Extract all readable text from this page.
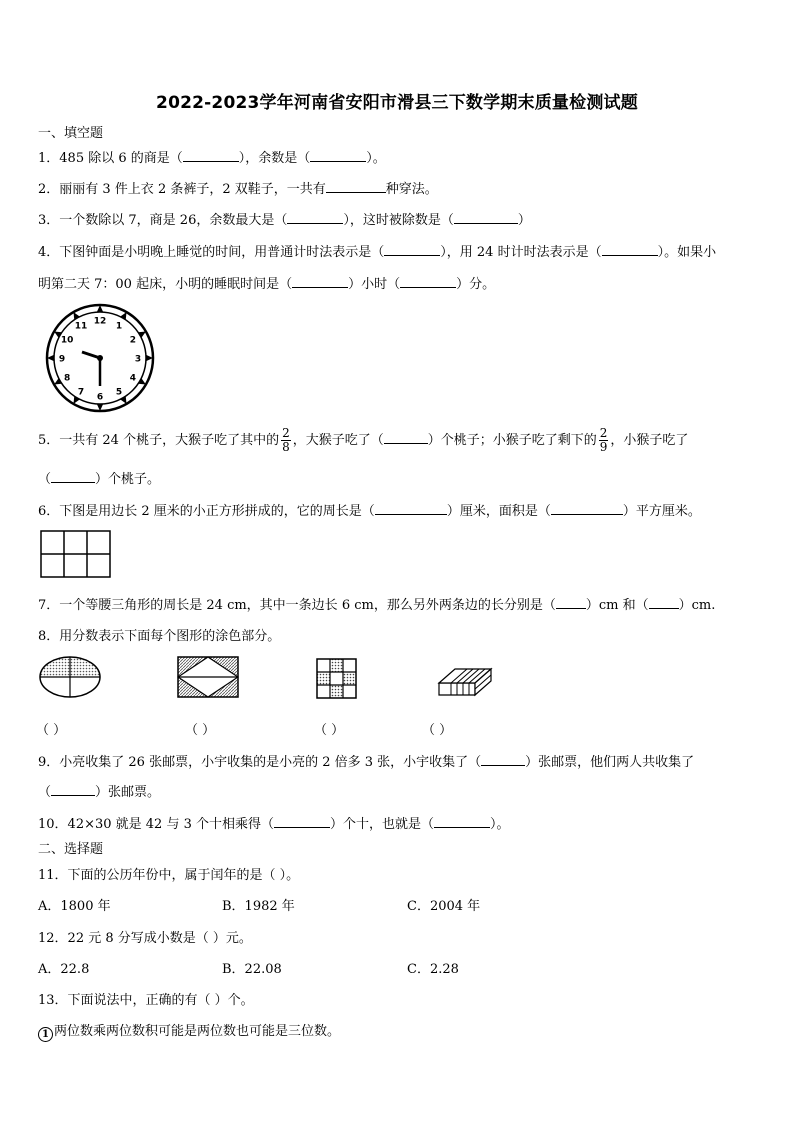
2022-2023学年河南省安阳市滑县三下数学期末质量检测试题
一、填空题
1．485 除以 6 的商是（	），余数是（	）。
2．丽丽有 3 件上衣 2 条裤子，2 双鞋子，一共有	种穿法。
3．一个数除以 7，商是 26，余数最大是（	），这时被除数是（	）
4．下图钟面是小明晚上睡觉的时间，用普通计时法表示是（	），用 24 时计时法表示是（	）。如果小
明第二天 7：00 起床，小明的睡眠时间是（	）小时（	）分。
12
1
2
3
4
5
6
7
8
9
10
11
5．一共有 24 个桃子，大猴子吃了其中的 $\frac{2}{8}$ ，大猴子吃了（	）个桃子；小猴子吃了剩下的 $\frac{2}{9}$ ，小猴子吃了
（	）个桃子。
6．下图是用边长 2 厘米的小正方形拼成的，它的周长是（	）厘米，面积是（	）平方厘米。
7．一个等腰三角形的周长是 24 cm，其中一条边长 6 cm，那么另外两条边的长分别是（ ）cm 和（ ）cm.
8．用分数表示下面每个图形的涂色部分。
（ ）	（ ）	（ ）	（ ）
9．小亮收集了 26 张邮票，小宇收集的是小亮的 2 倍多 3 张，小宇收集了（	）张邮票，他们两人共收集了
（	）张邮票。
10．42×30 就是 42 与 3 个十相乘得（	）个十，也就是（	）。
二、选择题
11．下面的公历年份中，属于闰年的是（ ）。
A．1800 年	B．1982 年	C．2004 年
12．22 元 8 分写成小数是（ ）元。
A．22.8	B．22.08	C．2.28
13．下面说法中，正确的有（ ）个。
1 两位数乘两位数积可能是两位数也可能是三位数。
